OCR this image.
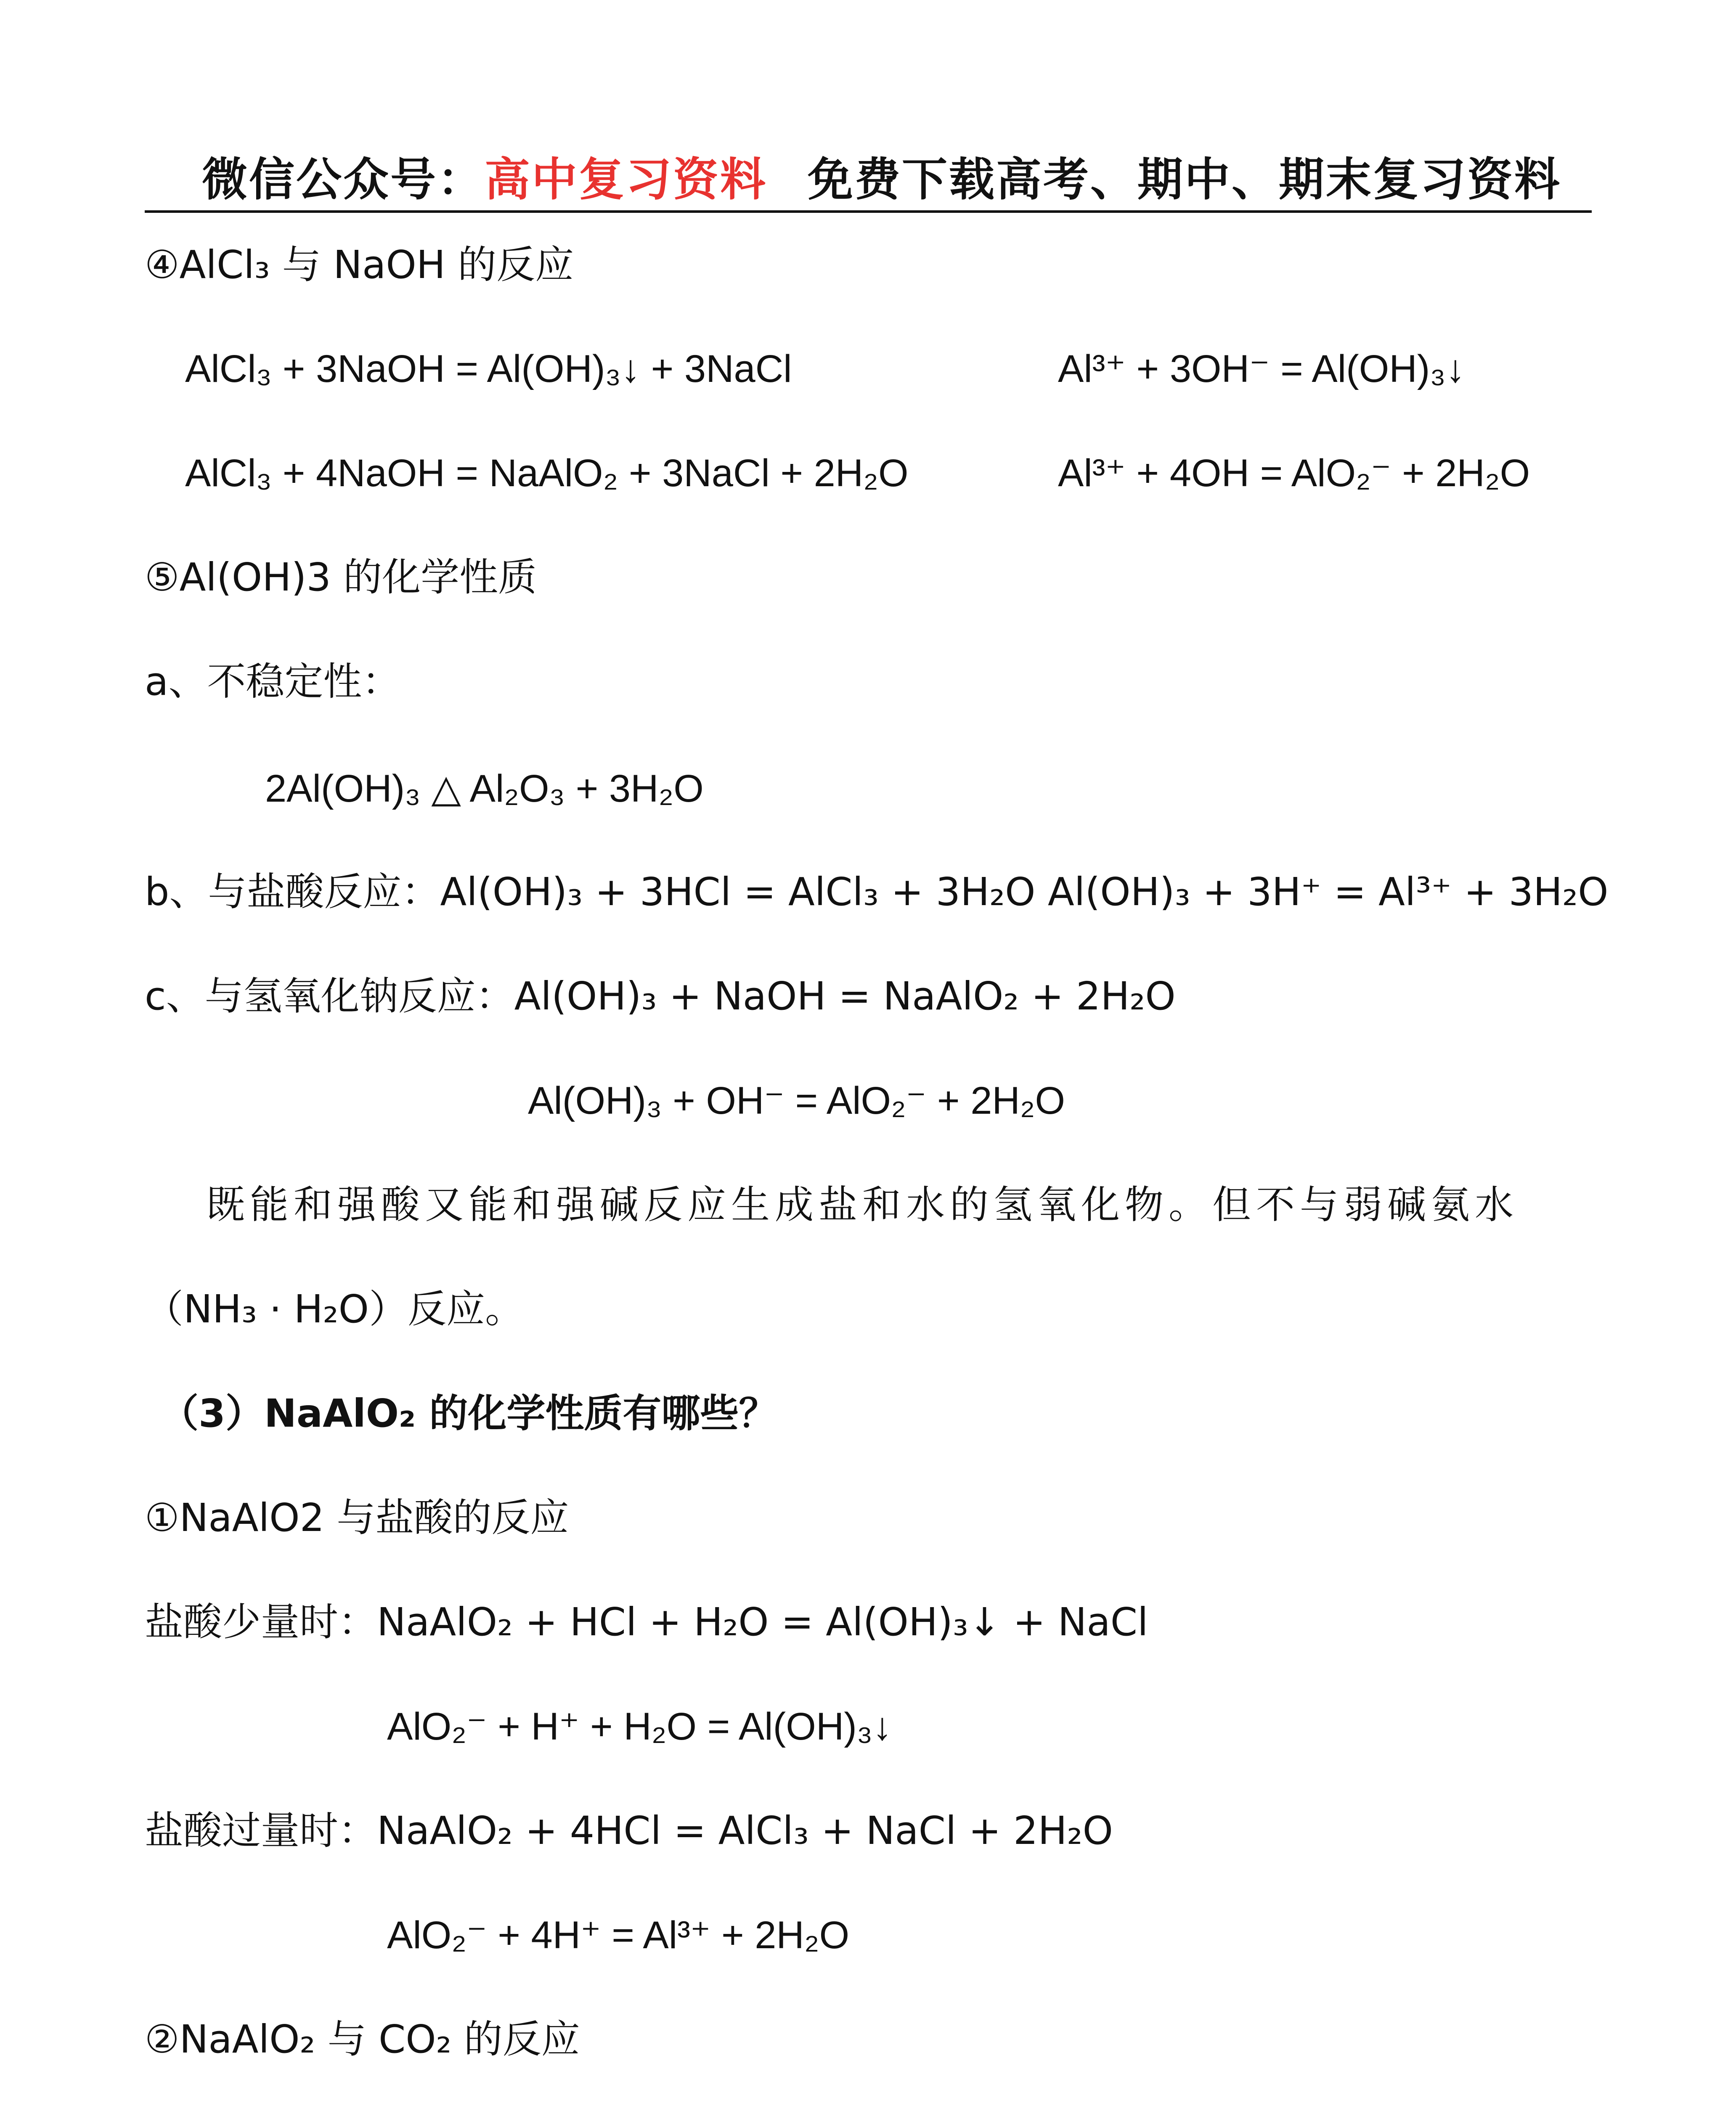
微信公众号：高中复习资料 免费下载高考、期中、期末复习资料
④AlCl₃ 与 NaOH 的反应
AlCl₃ + 3NaOH = Al(OH)₃↓ + 3NaCl	Al³⁺ + 3OH⁻ = Al(OH)₃↓
AlCl₃ + 4NaOH = NaAlO₂ + 3NaCl + 2H₂O	Al³⁺ + 4OH = AlO₂⁻ + 2H₂O
⑤Al(OH)3 的化学性质
a、不稳定性：
2Al(OH)₃ △ Al₂O₃ + 3H₂O
b、与盐酸反应：Al(OH)₃ + 3HCl = AlCl₃ + 3H₂O Al(OH)₃ + 3H⁺ = Al³⁺ + 3H₂O
c、与氢氧化钠反应：Al(OH)₃ + NaOH = NaAlO₂ + 2H₂O
Al(OH)₃ + OH⁻ = AlO₂⁻ + 2H₂O
既能和强酸又能和强碱反应生成盐和水的氢氧化物。但不与弱碱氨水
（NH₃ · H₂O）反应。
（3）NaAlO₂ 的化学性质有哪些？
①NaAlO2 与盐酸的反应
盐酸少量时：NaAlO₂ + HCl + H₂O = Al(OH)₃↓ + NaCl
AlO₂⁻ + H⁺ + H₂O = Al(OH)₃↓
盐酸过量时：NaAlO₂ + 4HCl = AlCl₃ + NaCl + 2H₂O
AlO₂⁻ + 4H⁺ = Al³⁺ + 2H₂O
②NaAlO₂ 与 CO₂ 的反应
